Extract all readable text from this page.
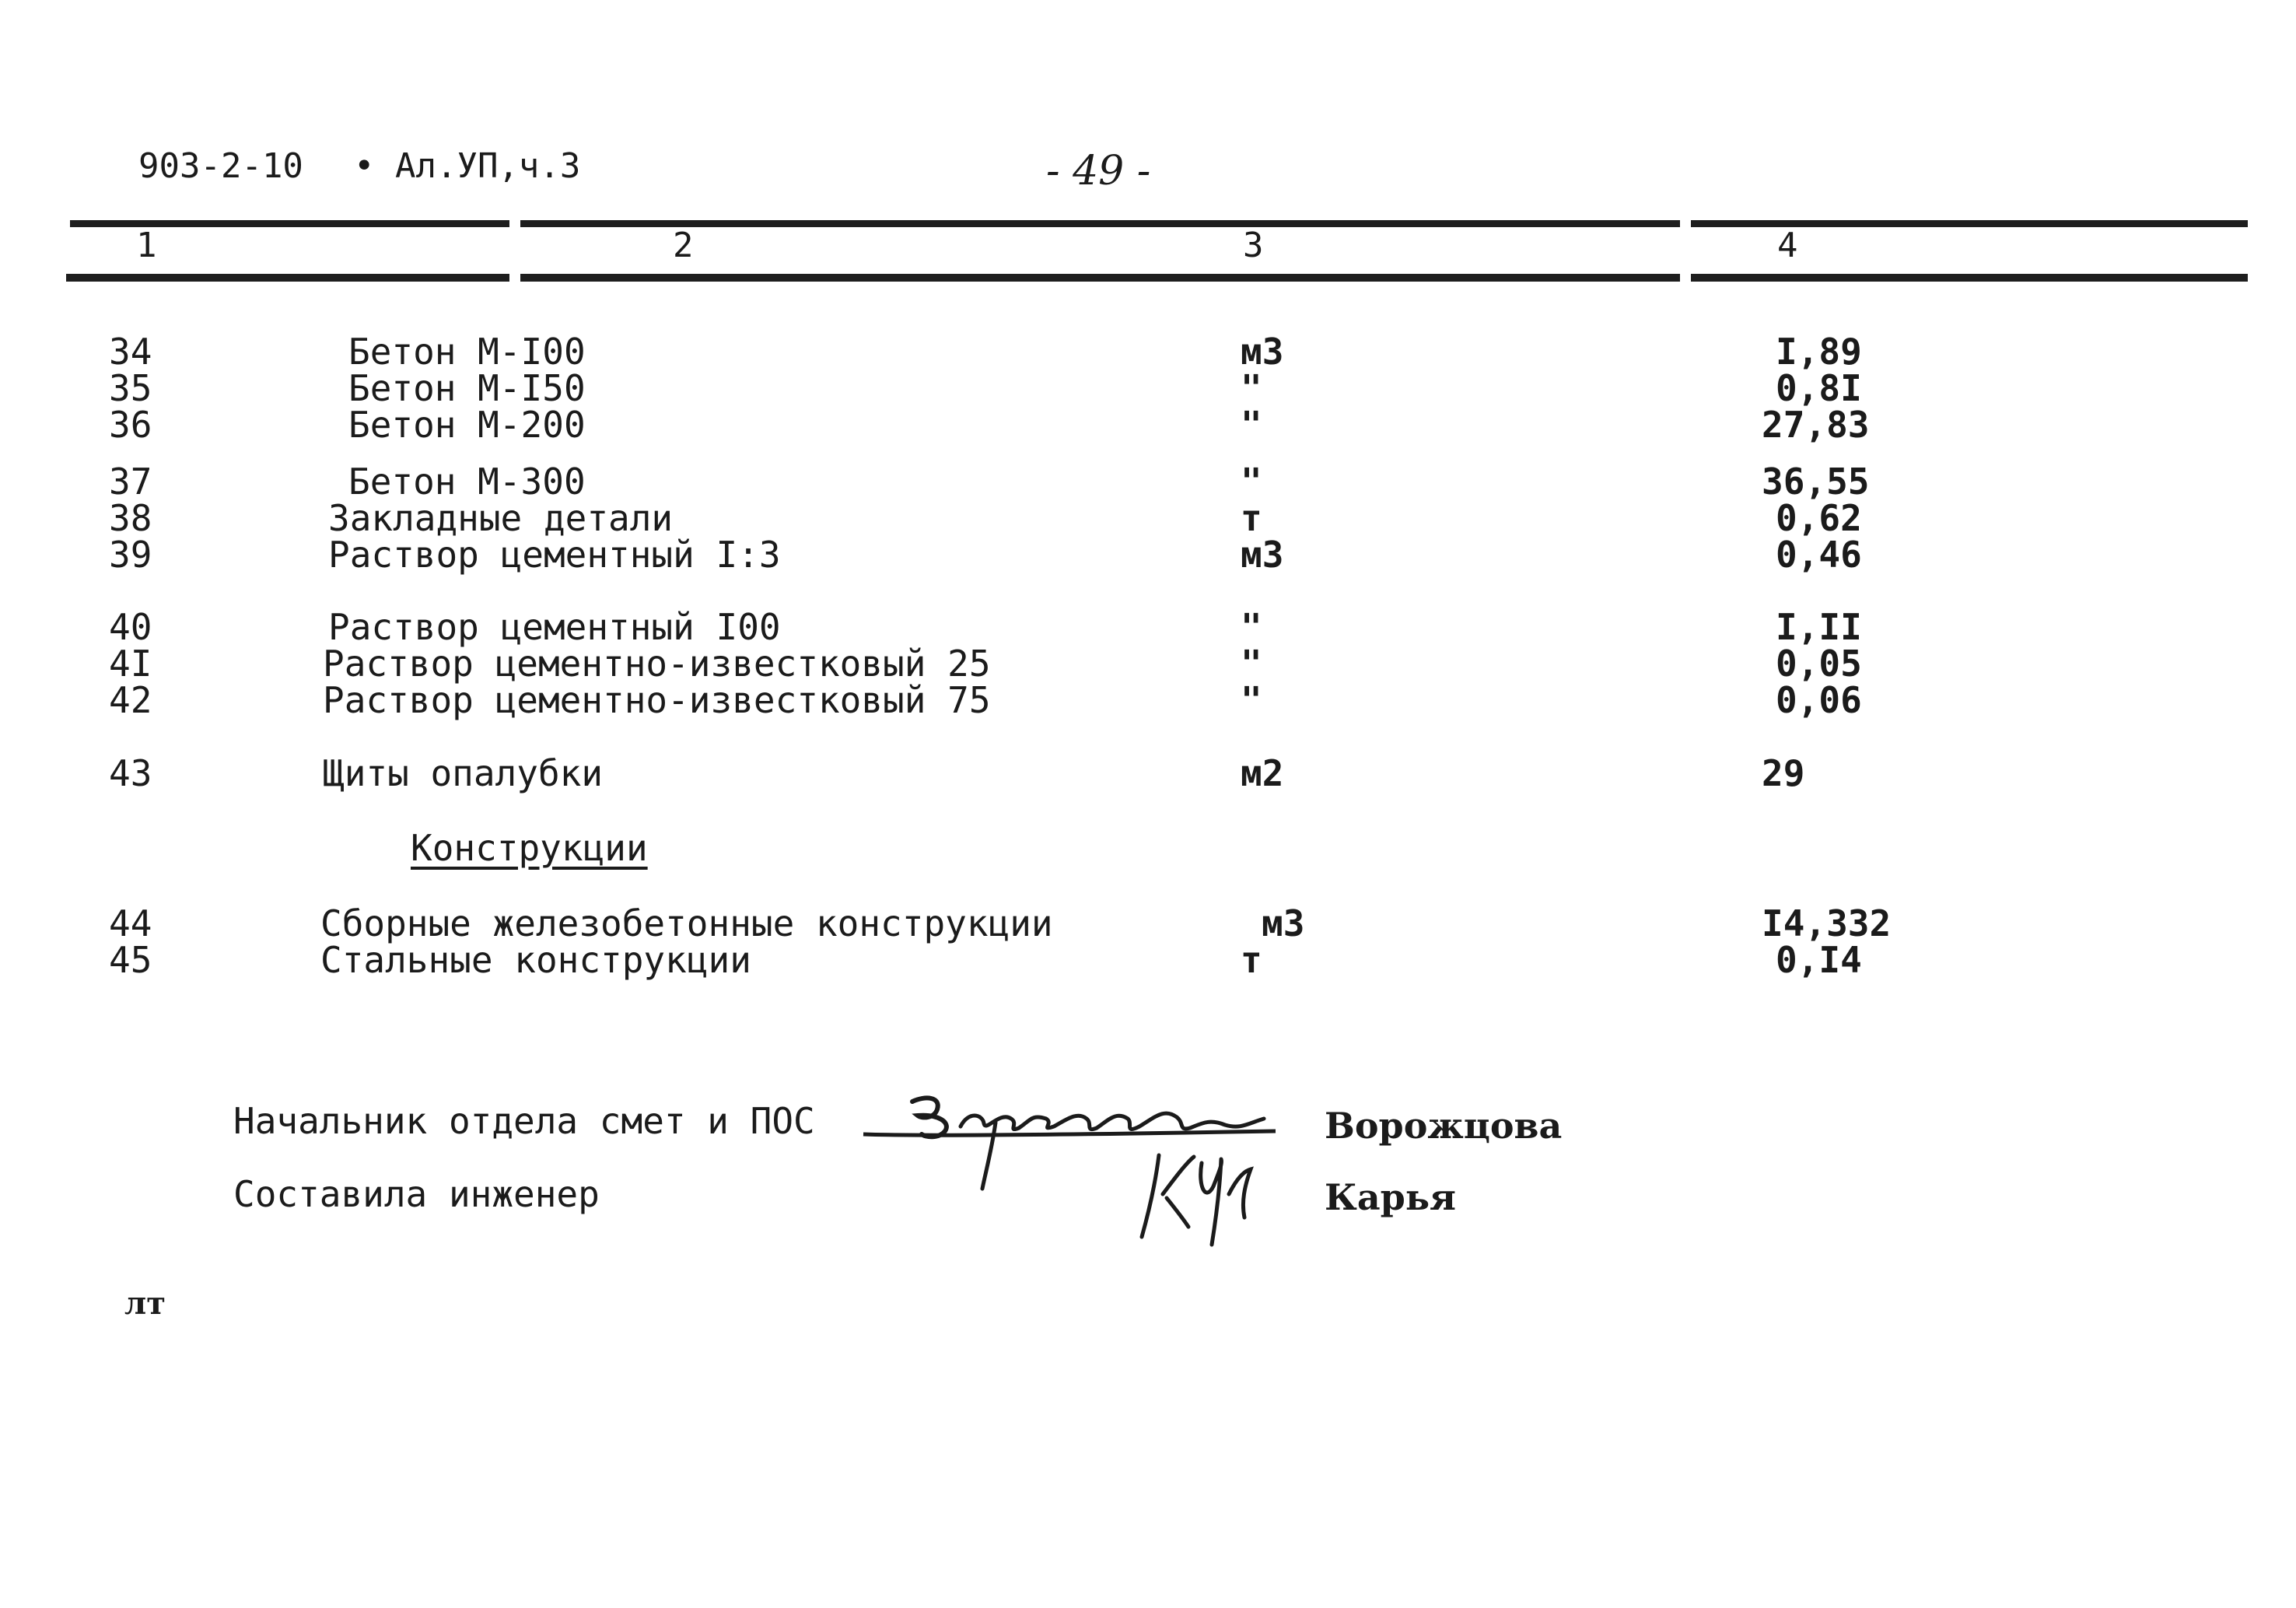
903-2-10 • Ал.УП,ч.3	- 49 -
1	2	3	4
34	Бетон М-I00	м3	I,89
35	Бетон М-I50	"	0,8I
36	Бетон М-200	"	27,83
37	Бетон М-300	"	36,55
38	Закладные детали	т	0,62
39	Раствор цементный I:3	м3	0,46
40	Раствор цементный I00	"	I,II
4I	Раствор цементно-известковый 25	"	0,05
42	Раствор цементно-известковый 75	"	0,06
43	Щиты опалубки	м2	29
Конструкции
44	Сборные железобетонные конструкции	м3	I4,332
45	Стальные конструкции	т	0,I4
Начальник отдела смет и ПОС
Составила инженер
Ворожцова
Карья
лт
